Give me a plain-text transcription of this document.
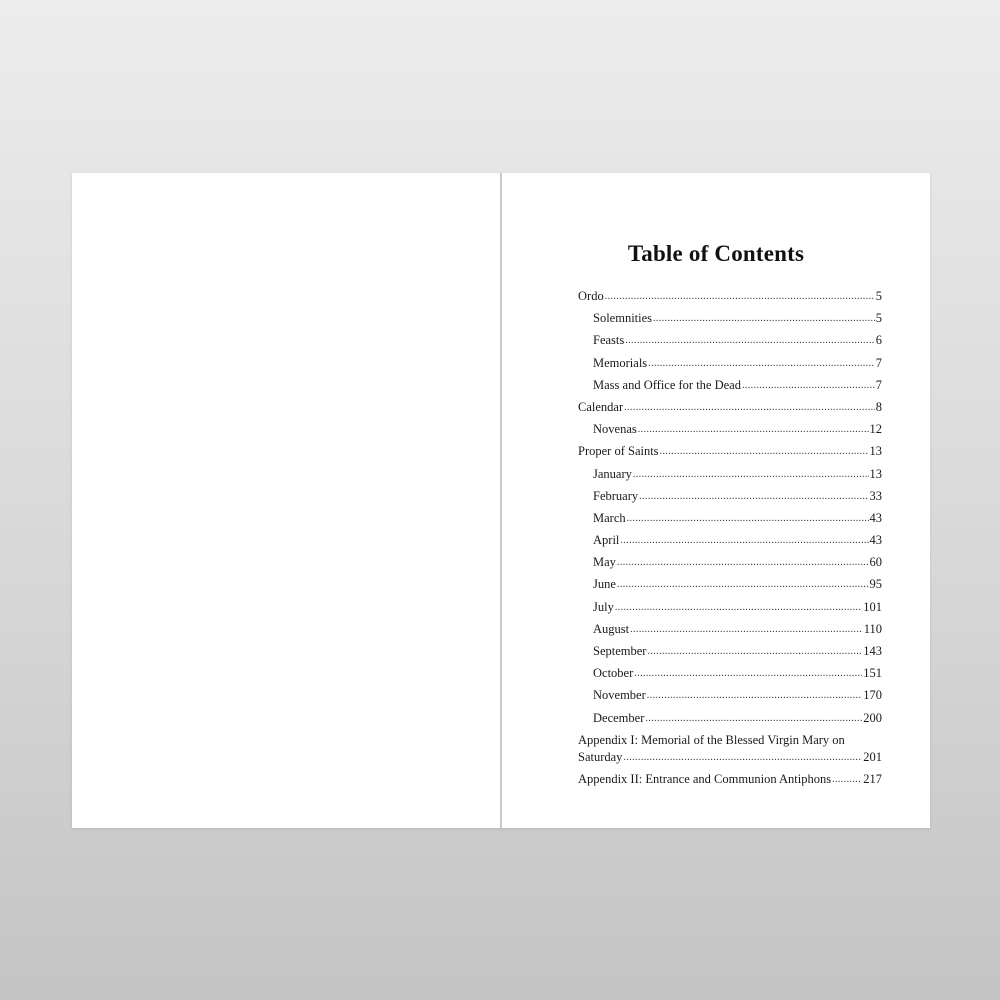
Table of Contents
Ordo .....	5
Solemnities .....	5
Feasts .....	6
Memorials .....	7
Mass and Office for the Dead .....	7
Calendar .....	8
Novenas .....	12
Proper of Saints .....	13
January .....	13
February .....	33
March .....	43
April .....	43
May .....	60
June .....	95
July .....	101
August .....	110
September .....	143
October .....	151
November .....	170
December .....	200
Appendix I: Memorial of the Blessed Virgin Mary on
Saturday .....	201
Appendix II: Entrance and Communion Antiphons .....	217
